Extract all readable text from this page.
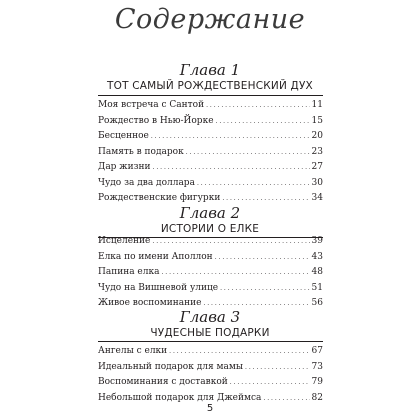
Содержание
Глава 1
ТОТ САМЫЙ РОЖДЕСТВЕНСКИЙ ДУХ
Моя встреча с Сантой . . .	11
Рождество в Нью-Йорке . . .	15
Бесценное . . .	20
Память в подарок . . .	23
Дар жизни . . .	27
Чудо за два доллара . . .	30
Рождественские фигурки . . .	34
Глава 2
ИСТОРИИ О ЕЛКЕ
Исцеление . . .	39
Елка по имени Аполлон . . .	43
Папина елка . . .	48
Чудо на Вишневой улице . . .	51
Живое воспоминание . . .	56
Глава 3
ЧУДЕСНЫЕ ПОДАРКИ
Ангелы с елки . . .	67
Идеальный подарок для мамы . . .	73
Воспоминания с доставкой . . .	79
Небольшой подарок для Джеймса . . .	82
5
